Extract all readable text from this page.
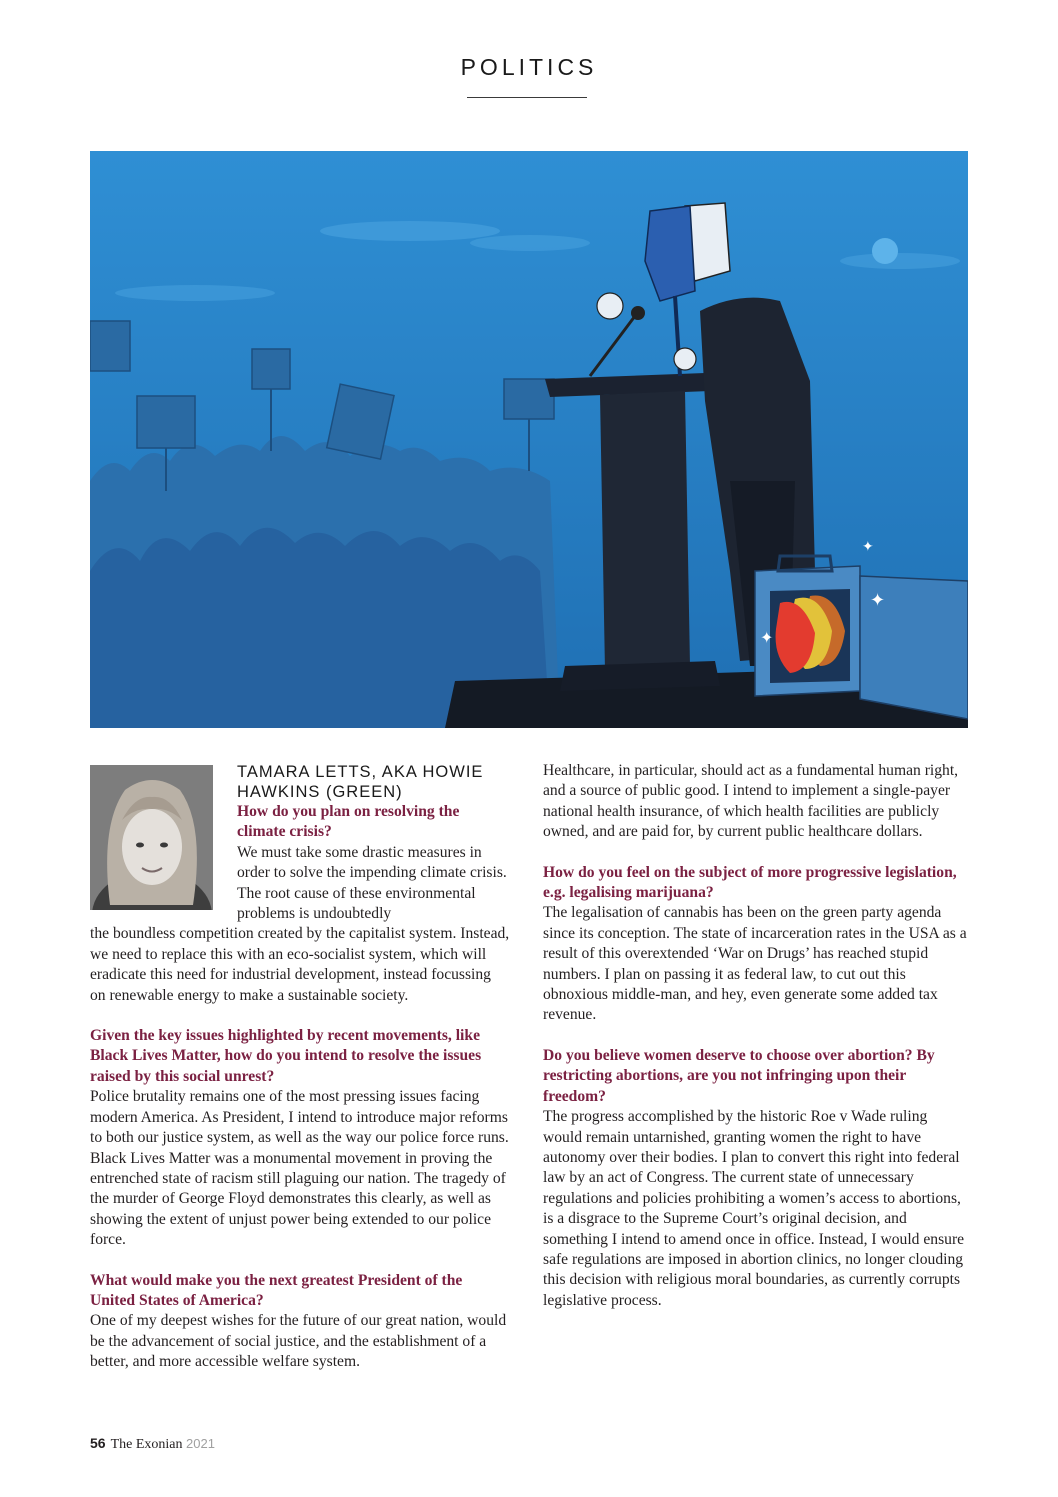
POLITICS
✦
✦
✦
TAMARA LETTS, AKA HOWIE HAWKINS (GREEN)

How do you plan on resolving the climate crisis?

We must take some drastic measures in order to solve the impending climate crisis. The root cause of these environmental problems is undoubtedly

the boundless competition created by the capitalist system. Instead, we need to replace this with an eco-socialist system, which will eradicate this need for industrial development, instead focussing on renewable energy to make a sustainable society.

Given the key issues highlighted by recent movements, like Black Lives Matter, how do you intend to resolve the issues raised by this social unrest?

Police brutality remains one of the most pressing issues facing modern America. As President, I intend to introduce major reforms to both our justice system, as well as the way our police force runs. Black Lives Matter was a monumental movement in proving the entrenched state of racism still plaguing our nation. The tragedy of the murder of George Floyd demonstrates this clearly, as well as showing the extent of unjust power being extended to our police force.

What would make you the next greatest President of the United States of America?

One of my deepest wishes for the future of our great nation, would be the advancement of social justice, and the establishment of a better, and more accessible welfare system.

Healthcare, in particular, should act as a fundamental human right, and a source of public good. I intend to implement a single-payer national health insurance, of which health facilities are publicly owned, and are paid for, by current public healthcare dollars.

How do you feel on the subject of more progressive legislation, e.g. legalising marijuana?

The legalisation of cannabis has been on the green party agenda since its conception. The state of incarceration rates in the USA as a result of this overextended ‘War on Drugs’ has reached stupid numbers. I plan on passing it as federal law, to cut out this obnoxious middle-man, and hey, even generate some added tax revenue.

Do you believe women deserve to choose over abortion? By restricting abortions, are you not infringing upon their freedom?

The progress accomplished by the historic Roe v Wade ruling would remain untarnished, granting women the right to have autonomy over their bodies. I plan to convert this right into federal law by an act of Congress. The current state of unnecessary regulations and policies prohibiting a women’s access to abortions, is a disgrace to the Supreme Court’s original decision, and something I intend to amend once in office. Instead, I would ensure safe regulations are imposed in abortion clinics, no longer clouding this decision with religious moral boundaries, as currently corrupts legislative process.

56 The Exonian 2021
